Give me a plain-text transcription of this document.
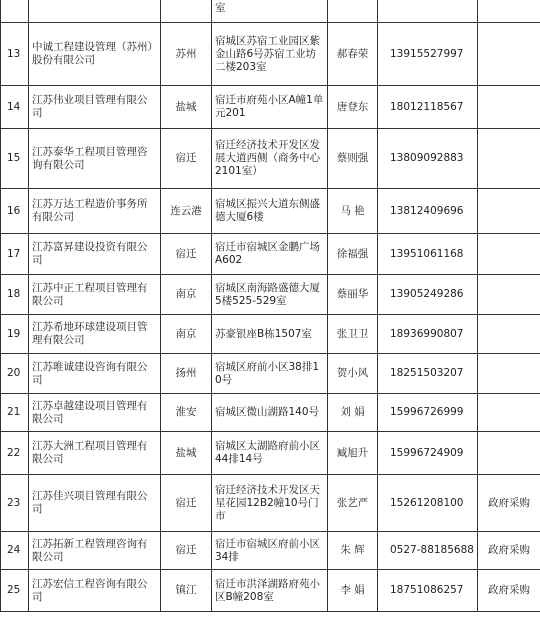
			室			
13	中诚工程建设管理（苏州）股份有限公司	苏州	宿城区苏宿工业园区紫金山路6号苏宿工业坊二楼203室	郝春荣	13915527997	
14	江苏伟业项目管理有限公司	盐城	宿迁市府苑小区A幢1单元201	唐登东	18012118567	
15	江苏泰华工程项目管理咨询有限公司	宿迁	宿迁经济技术开发区发展大道西侧（商务中心2101室）	蔡则强	13809092883	
16	江苏万达工程造价事务所有限公司	连云港	宿城区振兴大道东侧盛德大厦6楼	马 艳	13812409696	
17	江苏富昇建设投资有限公司	宿迁	宿迁市宿城区金鹏广场A602	徐福强	13951061168	
18	江苏中正工程项目管理有限公司	南京	宿城区南海路盛德大厦5楼525-529室	蔡丽华	13905249286	
19	江苏希地环球建设项目管理有限公司	南京	苏豪银座B栋1507室	张卫卫	18936990807	
20	江苏唯诚建设咨询有限公司	扬州	宿城区府前小区38排10号	贺小风	18251503207	
21	江苏卓越建设项目管理有限公司	淮安	宿城区微山湖路140号	刘 娟	15996726999	
22	江苏大洲工程项目管理有限公司	盐城	宿城区太湖路府前小区44排14号	臧旭升	15996724909	
23	江苏佳兴项目管理有限公司	宿迁	宿迁经济技术开发区天星花园12B2幢10号门市	张艺严	15261208100	政府采购
24	江苏拓新工程管理咨询有限公司	宿迁	宿迁市宿城区府前小区34排	朱 辉	0527-88185688	政府采购
25	江苏宏信工程咨询有限公司	镇江	宿迁市洪泽湖路府苑小区B幢208室	李 娟	18751086257	政府采购
